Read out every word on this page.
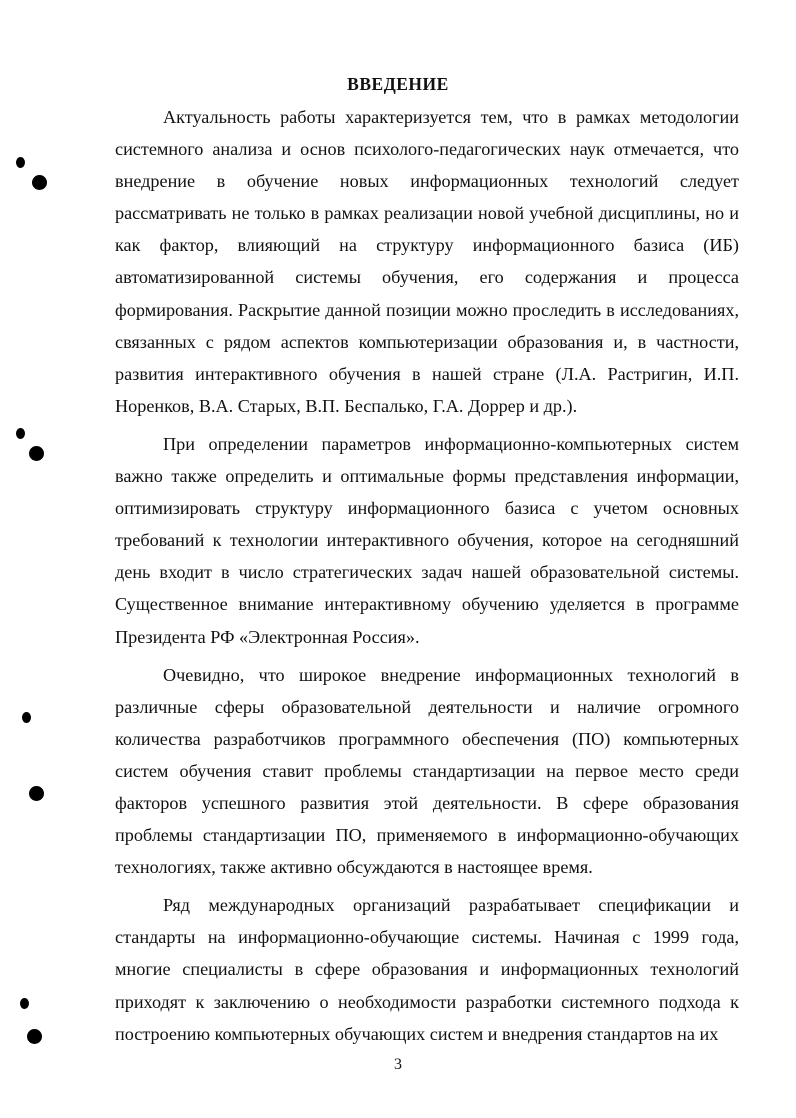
ВВЕДЕНИЕ

Актуальность работы характеризуется тем, что в рамках методологии системного анализа и основ психолого-педагогических наук отмечается, что внедрение в обучение новых информационных технологий следует рассматривать не только в рамках реализации новой учебной дисциплины, но и как фактор, влияющий на структуру информационного базиса (ИБ) автоматизированной системы обучения, его содержания и процесса формирования. Раскрытие данной позиции можно проследить в исследованиях, связанных с рядом аспектов компьютеризации образования и, в частности, развития интерактивного обучения в нашей стране (Л.А. Растригин, И.П. Норенков, В.А. Старых, В.П. Беспалько, Г.А. Доррер и др.).

При определении параметров информационно-компьютерных систем важно также определить и оптимальные формы представления информации, оптимизировать структуру информационного базиса с учетом основных требований к технологии интерактивного обучения, которое на сегодняшний день входит в число стратегических задач нашей образовательной системы. Существенное внимание интерактивному обучению уделяется в программе Президента РФ «Электронная Россия».

Очевидно, что широкое внедрение информационных технологий в различные сферы образовательной деятельности и наличие огромного количества разработчиков программного обеспечения (ПО) компьютерных систем обучения ставит проблемы стандартизации на первое место среди факторов успешного развития этой деятельности. В сфере образования проблемы стандартизации ПО, применяемого в информационно-обучающих технологиях, также активно обсуждаются в настоящее время.

Ряд международных организаций разрабатывает спецификации и стандарты на информационно-обучающие системы. Начиная с 1999 года, многие специалисты в сфере образования и информационных технологий приходят к заключению о необходимости разработки системного подхода к построению компьютерных обучающих систем и внедрения стандартов на их

3
